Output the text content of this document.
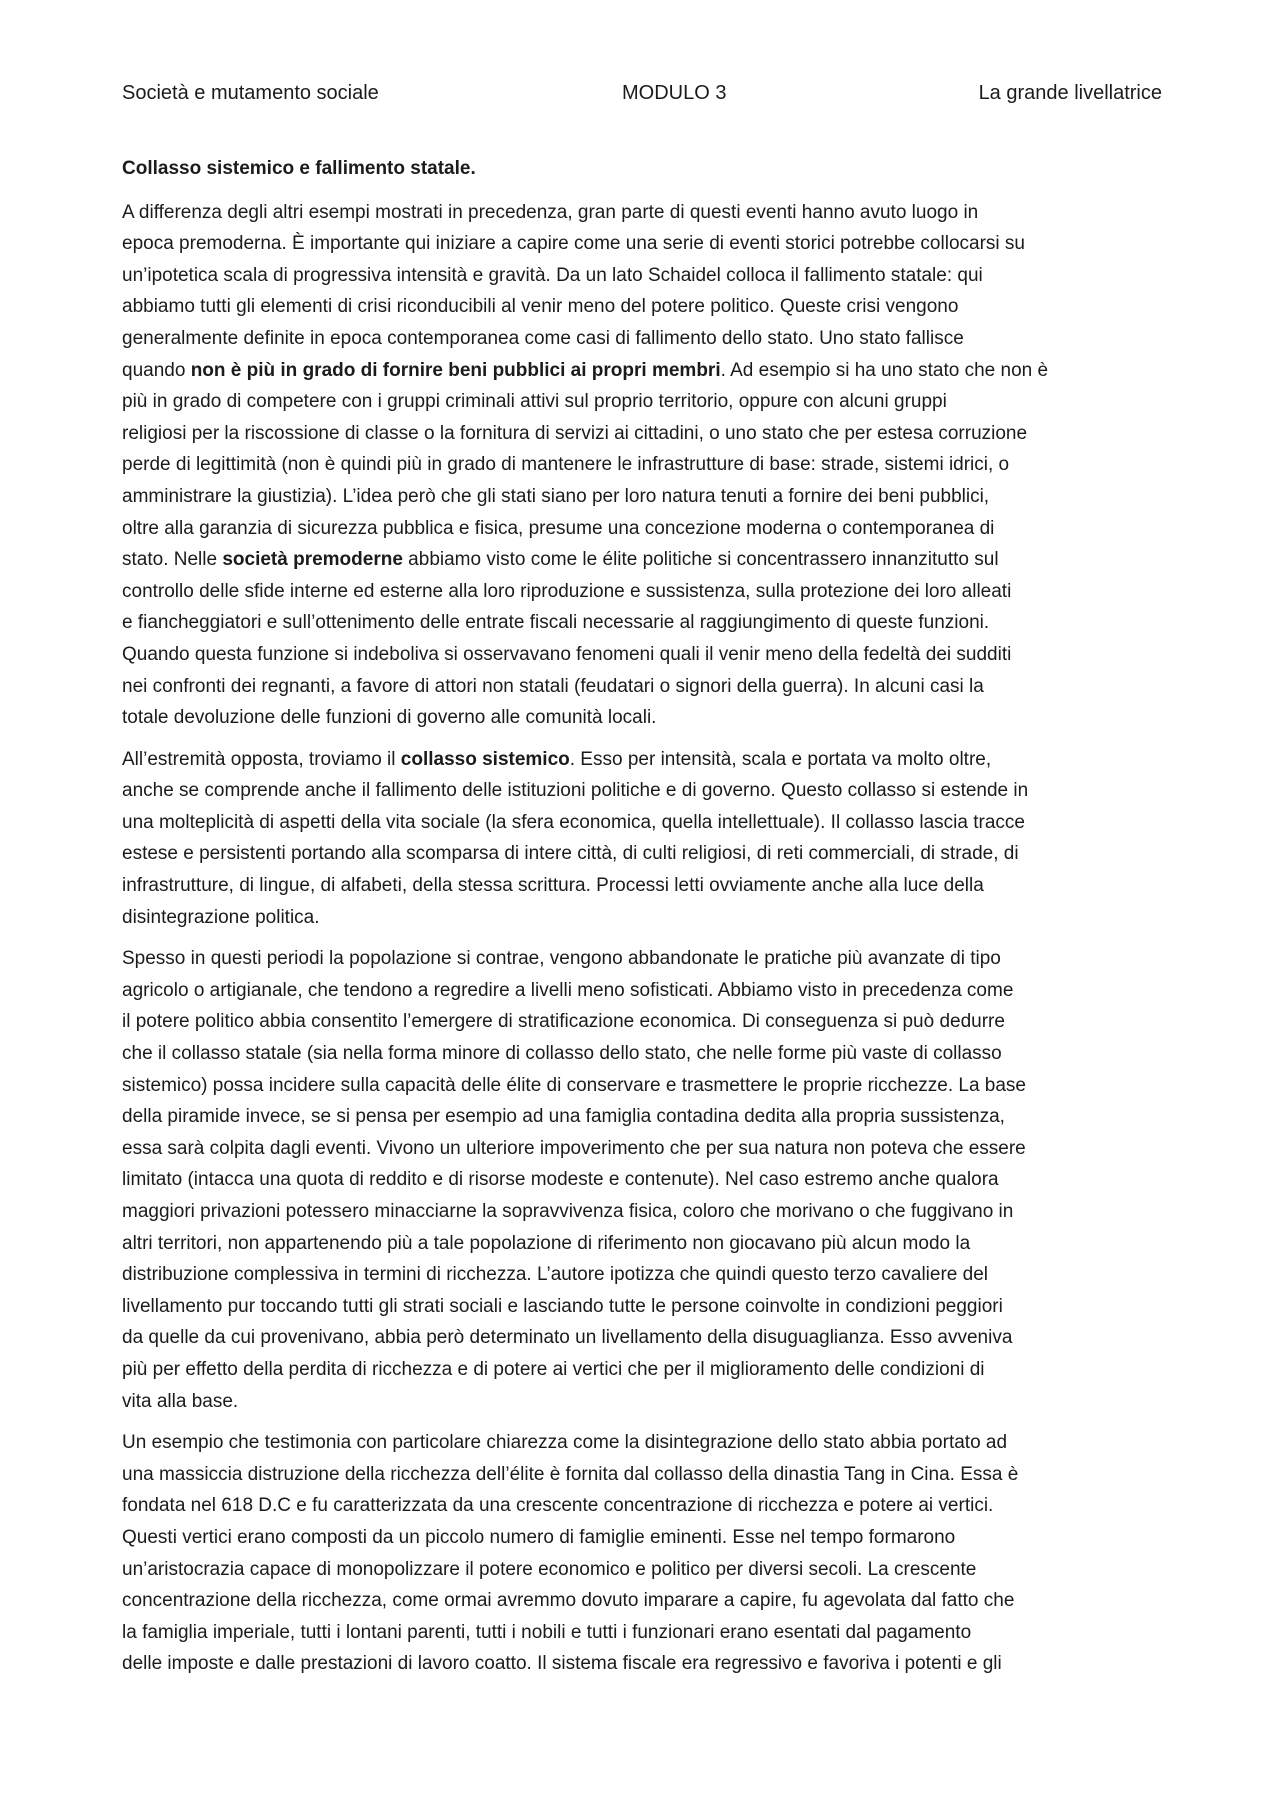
Società e mutamento sociale	MODULO 3	La grande livellatrice
Collasso sistemico e fallimento statale.
A differenza degli altri esempi mostrati in precedenza, gran parte di questi eventi hanno avuto luogo in
epoca premoderna. È importante qui iniziare a capire come una serie di eventi storici potrebbe collocarsi su
un’ipotetica scala di progressiva intensità e gravità. Da un lato Schaidel colloca il fallimento statale: qui
abbiamo tutti gli elementi di crisi riconducibili al venir meno del potere politico. Queste crisi vengono
generalmente definite in epoca contemporanea come casi di fallimento dello stato. Uno stato fallisce
quando non è più in grado di fornire beni pubblici ai propri membri. Ad esempio si ha uno stato che non è
più in grado di competere con i gruppi criminali attivi sul proprio territorio, oppure con alcuni gruppi
religiosi per la riscossione di classe o la fornitura di servizi ai cittadini, o uno stato che per estesa corruzione
perde di legittimità (non è quindi più in grado di mantenere le infrastrutture di base: strade, sistemi idrici, o
amministrare la giustizia). L’idea però che gli stati siano per loro natura tenuti a fornire dei beni pubblici,
oltre alla garanzia di sicurezza pubblica e fisica, presume una concezione moderna o contemporanea di
stato. Nelle società premoderne abbiamo visto come le élite politiche si concentrassero innanzitutto sul
controllo delle sfide interne ed esterne alla loro riproduzione e sussistenza, sulla protezione dei loro alleati
e fiancheggiatori e sull’ottenimento delle entrate fiscali necessarie al raggiungimento di queste funzioni.
Quando questa funzione si indeboliva si osservavano fenomeni quali il venir meno della fedeltà dei sudditi
nei confronti dei regnanti, a favore di attori non statali (feudatari o signori della guerra). In alcuni casi la
totale devoluzione delle funzioni di governo alle comunità locali.
All’estremità opposta, troviamo il collasso sistemico. Esso per intensità, scala e portata va molto oltre,
anche se comprende anche il fallimento delle istituzioni politiche e di governo. Questo collasso si estende in
una molteplicità di aspetti della vita sociale (la sfera economica, quella intellettuale). Il collasso lascia tracce
estese e persistenti portando alla scomparsa di intere città, di culti religiosi, di reti commerciali, di strade, di
infrastrutture, di lingue, di alfabeti, della stessa scrittura. Processi letti ovviamente anche alla luce della
disintegrazione politica.
Spesso in questi periodi la popolazione si contrae, vengono abbandonate le pratiche più avanzate di tipo
agricolo o artigianale, che tendono a regredire a livelli meno sofisticati. Abbiamo visto in precedenza come
il potere politico abbia consentito l’emergere di stratificazione economica. Di conseguenza si può dedurre
che il collasso statale (sia nella forma minore di collasso dello stato, che nelle forme più vaste di collasso
sistemico) possa incidere sulla capacità delle élite di conservare e trasmettere le proprie ricchezze. La base
della piramide invece, se si pensa per esempio ad una famiglia contadina dedita alla propria sussistenza,
essa sarà colpita dagli eventi. Vivono un ulteriore impoverimento che per sua natura non poteva che essere
limitato (intacca una quota di reddito e di risorse modeste e contenute). Nel caso estremo anche qualora
maggiori privazioni potessero minacciarne la sopravvivenza fisica, coloro che morivano o che fuggivano in
altri territori, non appartenendo più a tale popolazione di riferimento non giocavano più alcun modo la
distribuzione complessiva in termini di ricchezza. L’autore ipotizza che quindi questo terzo cavaliere del
livellamento pur toccando tutti gli strati sociali e lasciando tutte le persone coinvolte in condizioni peggiori
da quelle da cui provenivano, abbia però determinato un livellamento della disuguaglianza. Esso avveniva
più per effetto della perdita di ricchezza e di potere ai vertici che per il miglioramento delle condizioni di
vita alla base.
Un esempio che testimonia con particolare chiarezza come la disintegrazione dello stato abbia portato ad
una massiccia distruzione della ricchezza dell’élite è fornita dal collasso della dinastia Tang in Cina. Essa è
fondata nel 618 D.C e fu caratterizzata da una crescente concentrazione di ricchezza e potere ai vertici.
Questi vertici erano composti da un piccolo numero di famiglie eminenti. Esse nel tempo formarono
un’aristocrazia capace di monopolizzare il potere economico e politico per diversi secoli. La crescente
concentrazione della ricchezza, come ormai avremmo dovuto imparare a capire, fu agevolata dal fatto che
la famiglia imperiale, tutti i lontani parenti, tutti i nobili e tutti i funzionari erano esentati dal pagamento
delle imposte e dalle prestazioni di lavoro coatto. Il sistema fiscale era regressivo e favoriva i potenti e gli
